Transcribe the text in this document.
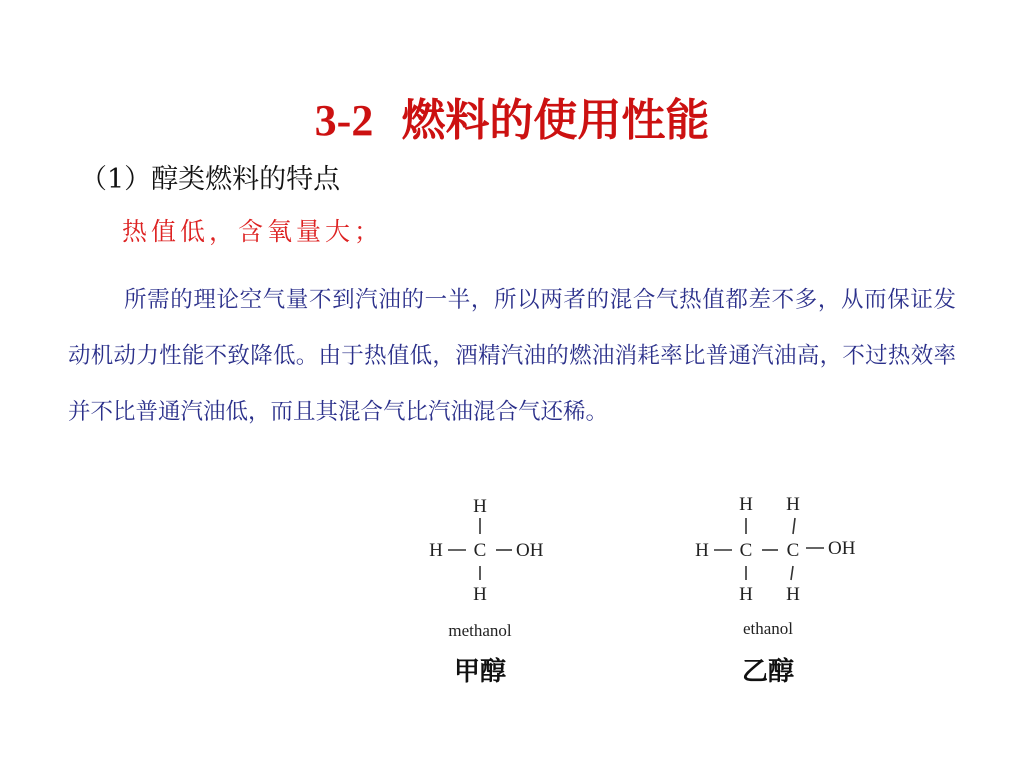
3-2 燃料的使用性能
（1）醇类燃料的特点
热值低，含氧量大；

所需的理论空气量不到汽油的一半，所以两者的混合气热值都差不多，从而保证发动机动力性能不致降低。由于热值低，酒精汽油的燃油消耗率比普通汽油高，不过热效率并不比普通汽油低，而且其混合气比汽油混合气还稀。

H
H C OH
H
methanol
甲醇
H H
H C C OH
H H
ethanol
乙醇
